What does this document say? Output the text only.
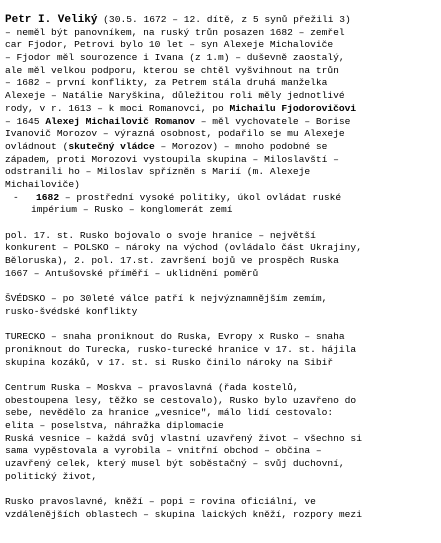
Petr I. Veliký (30.5. 1672 – 12. dítě, z 5 synů přežili 3)
– neměl být panovníkem, na ruský trůn posazen 1682 – zemřel
car Fjodor, Petrovi bylo 10 let – syn Alexeje Michaloviče
– Fjodor měl sourozence i Ivana (z 1.m) – duševně zaostalý,
ale měl velkou podporu, kterou se chtěl vyšvihnout na trůn
– 1682 – první konflikty, za Petrem stála druhá manželka
Alexeje – Natálie Naryškina, důležitou roli měly jednotlivé
rody, v r. 1613 – k moci Romanovci, po Michailu Fjodorovičovi
– 1645 Alexej Michailovič Romanov – měl vychovatele – Borise
Ivanovič Morozov – výrazná osobnost, podařilo se mu Alexeje
ovládnout (skutečný vládce – Morozov) – mnoho podobné se
západem, proti Morozovi vystoupila skupina – Miloslavští –
odstranili ho – Miloslav spřízněn s Marií (m. Alexeje
Michailoviče)
- 1682 – prostřední vysoké politiky, úkol ovládat ruské
impérium – Rusko – konglomerát zemí
pol. 17. st. Rusko bojovalo o svoje hranice – největší
konkurent – POLSKO – nároky na východ (ovládalo část Ukrajiny,
Běloruska), 2. pol. 17.st. završení bojů ve prospěch Ruska
1667 – Antušovské příměří – uklidnění poměrů
ŠVÉDSKO – po 30leté válce patří k nejvýznamnějším zemím,
rusko-švédské konflikty
TURECKO – snaha proniknout do Ruska, Evropy x Rusko – snaha
proniknout do Turecka, rusko-turecké hranice v 17. st. hájila
skupina kozáků, v 17. st. si Rusko činilo nároky na Sibiř
Centrum Ruska – Moskva – pravoslavná (řada kostelů,
obestoupena lesy, těžko se cestovalo), Rusko bylo uzavřeno do
sebe, nevědělo za hranice „vesnice", málo lidí cestovalo:
elita – poselstva, náhražka diplomacie
Ruská vesnice – každá svůj vlastní uzavřený život – všechno si
sama vypěstovala a vyrobila – vnitřní obchod – občina –
uzavřený celek, který musel být soběstačný – svůj duchovní,
politický život,
Rusko pravoslavné, kněží – popi = rovina oficiální, ve
vzdálenějších oblastech – skupina laických kněží, rozpory mezi
